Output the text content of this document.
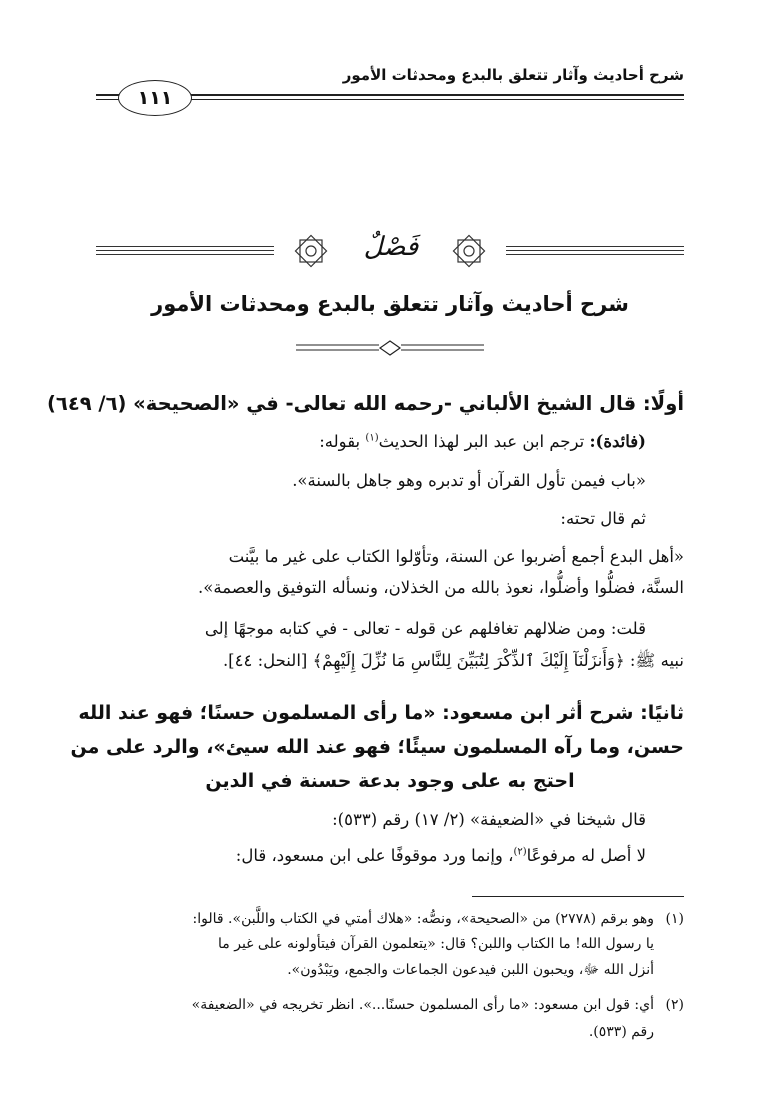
شرح أحاديث وآثار تتعلق بالبدع ومحدثات الأمور
١١١
فَصْلٌ
شرح أحاديث وآثار تتعلق بالبدع ومحدثات الأمور
أولًا: قال الشيخ الألباني -رحمه الله تعالى- في «الصحيحة» (٦/ ٦٤٩)
(فائدة): ترجم ابن عبد البر لهذا الحديث$^{(١)}$ بقوله:
«باب فيمن تأول القرآن أو تدبره وهو جاهل بالسنة».
ثم قال تحته:
«أهل البدع أجمع أضربوا عن السنة، وتأوّلوا الكتاب على غير ما بيَّنت
السنَّة، فضلُّوا وأضلُّوا، نعوذ بالله من الخذلان، ونسأله التوفيق والعصمة».
قلت: ومن ضلالهم تغافلهم عن قوله - تعالى - في كتابه موجهًا إلى
نبيه ﷺ: ﴿وَأَنزَلْنَآ إِلَيْكَ ٱلذِّكْرَ لِتُبَيِّنَ لِلنَّاسِ مَا نُزِّلَ إِلَيْهِمْ﴾ [النحل: ٤٤].
ثانيًا: شرح أثر ابن مسعود: «ما رأى المسلمون حسنًا؛ فهو عند الله
حسن، وما رآه المسلمون سيئًا؛ فهو عند الله سيئ»، والرد على من
احتج به على وجود بدعة حسنة في الدين
قال شيخنا في «الضعيفة» (٢/ ١٧) رقم (٥٣٣):
لا أصل له مرفوعًا$^{(٢)}$، وإنما ورد موقوفًا على ابن مسعود، قال:
(١)وهو برقم (٢٧٧٨) من «الصحيحة»، ونصُّه: «هلاك أمتي في الكتاب واللَّبن». قالوا:
يا رسول الله! ما الكتاب واللبن؟ قال: «يتعلمون القرآن فيتأولونه على غير ما
أنزل الله ﷻ، ويحبون اللبن فيدعون الجماعات والجمع، ويَبْدُون».
(٢)أي: قول ابن مسعود: «ما رأى المسلمون حسنًا...». انظر تخريجه في «الضعيفة»
رقم (٥٣٣).
